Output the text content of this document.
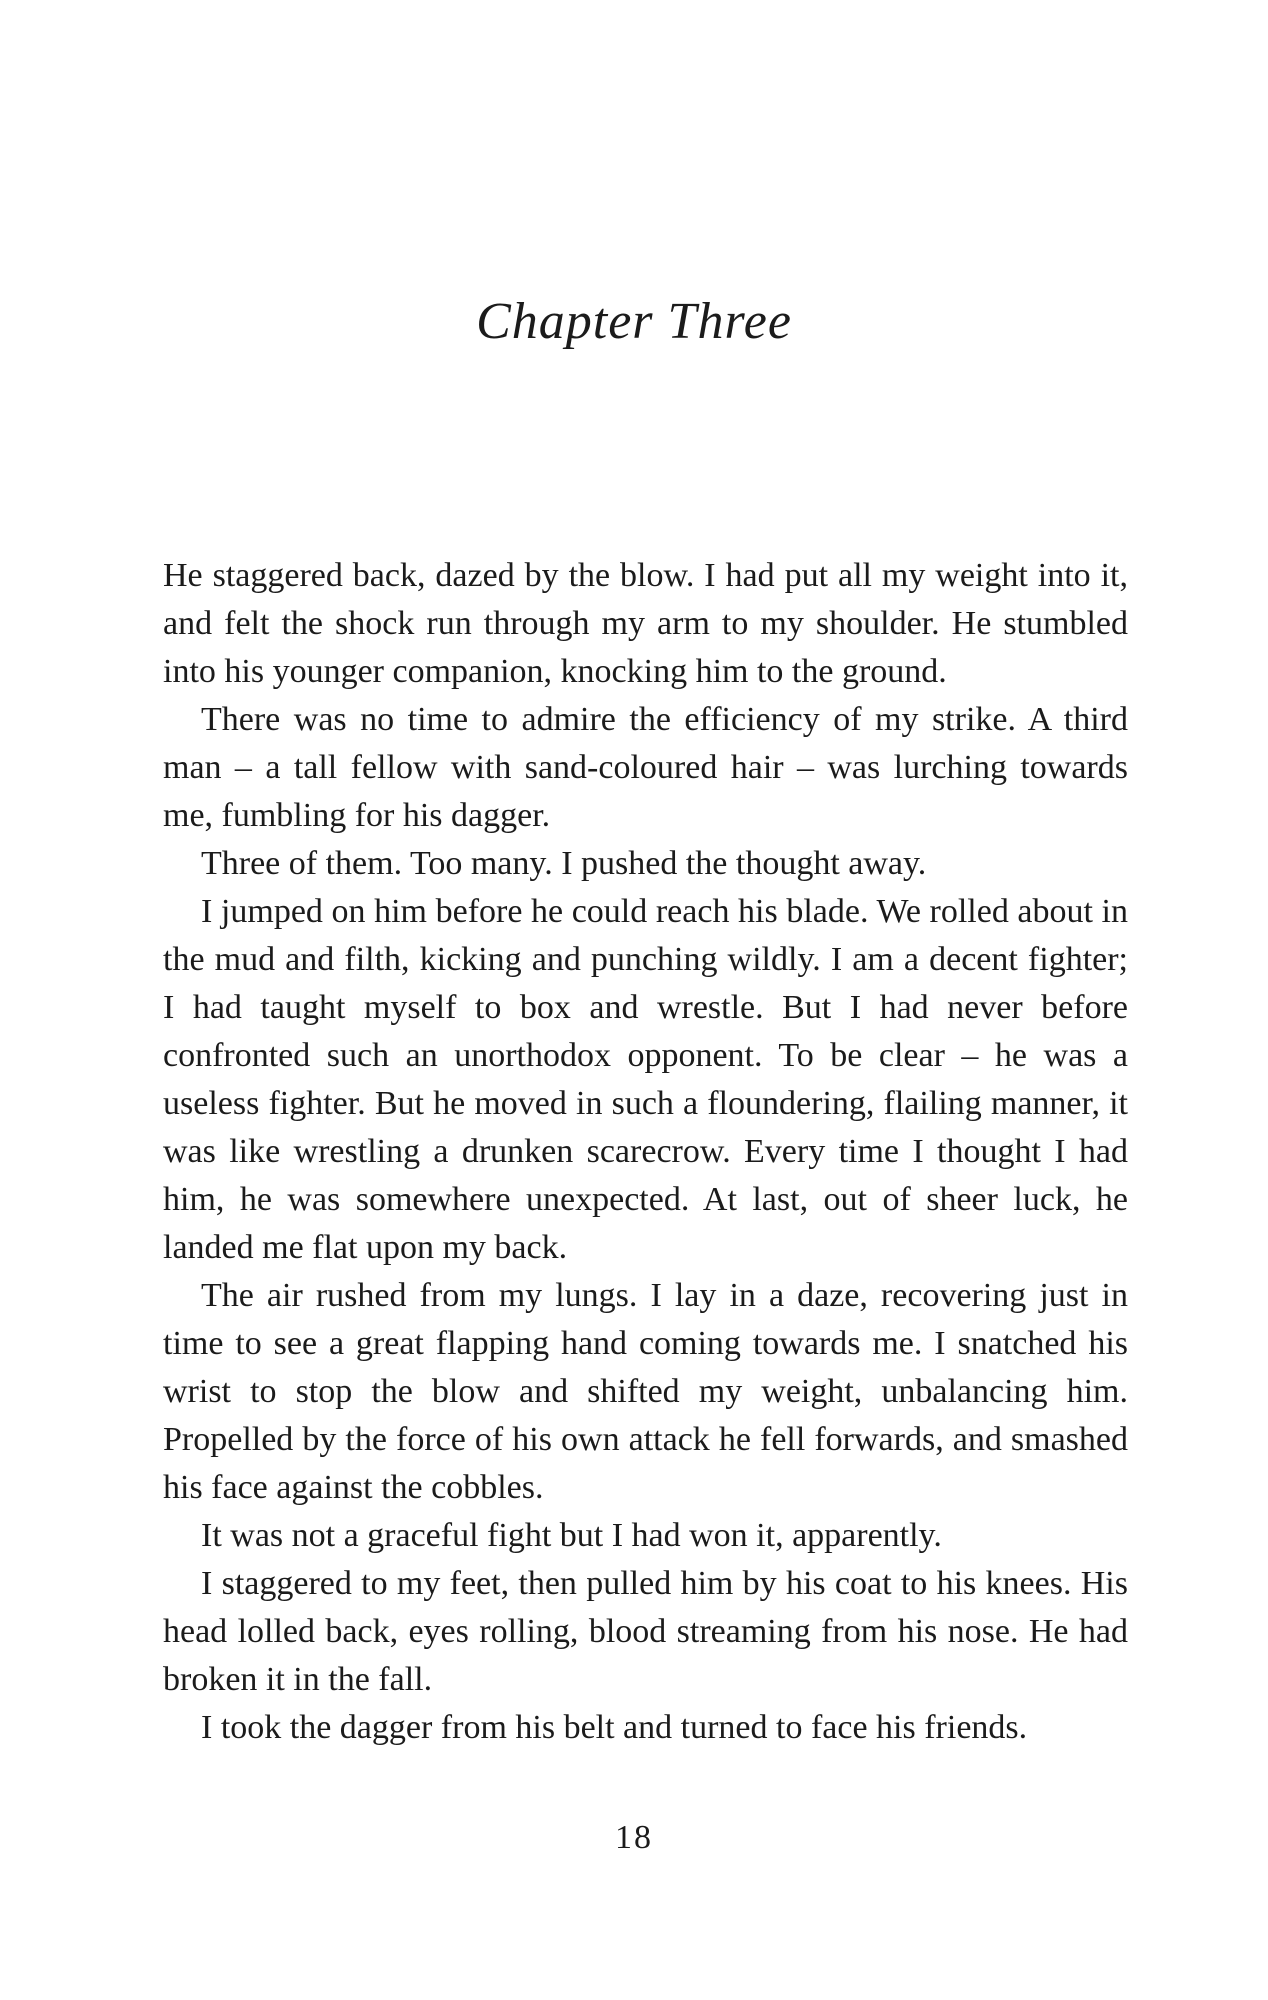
Chapter Three

He staggered back, dazed by the blow. I had put all my weight into it, and felt the shock run through my arm to my shoulder. He stumbled into his younger companion, knocking him to the ground.

There was no time to admire the efficiency of my strike. A third man – a tall fellow with sand-coloured hair – was lurching towards me, fumbling for his dagger.

Three of them. Too many. I pushed the thought away.

I jumped on him before he could reach his blade. We rolled about in the mud and filth, kicking and punching wildly. I am a decent fighter; I had taught myself to box and wrestle. But I had never before confronted such an unorthodox opponent. To be clear – he was a useless fighter. But he moved in such a floundering, flailing manner, it was like wrestling a drunken scarecrow. Every time I thought I had him, he was somewhere unexpected. At last, out of sheer luck, he landed me flat upon my back.

The air rushed from my lungs. I lay in a daze, recovering just in time to see a great flapping hand coming towards me. I snatched his wrist to stop the blow and shifted my weight, unbalancing him. Propelled by the force of his own attack he fell forwards, and smashed his face against the cobbles.

It was not a graceful fight but I had won it, apparently.

I staggered to my feet, then pulled him by his coat to his knees. His head lolled back, eyes rolling, blood streaming from his nose. He had broken it in the fall.

I took the dagger from his belt and turned to face his friends.

18
